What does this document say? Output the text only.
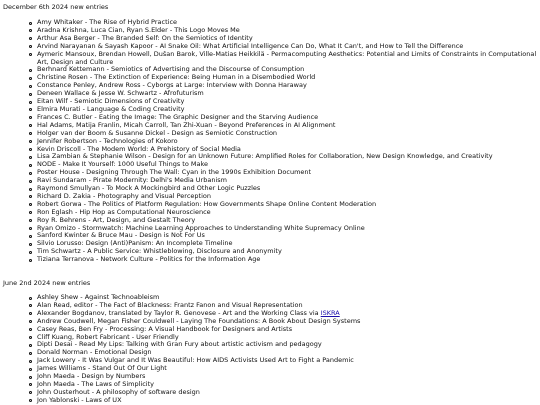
December 6th 2024 new entries
Amy Whitaker - The Rise of Hybrid Practice
Aradna Krishna, Luca Cian, Ryan S.Elder - This Logo Moves Me
Arthur Asa Berger - The Branded Self: On the Semiotics of Identity
Arvind Narayanan & Sayash Kapoor - AI Snake Oil: What Artificial Intelligence Can Do, What It Can't, and How to Tell the Difference
Aymeric Mansoux, Brendan Howell, Dušan Barok, Ville-Matias Heikkilä - Permacomputing Aesthetics: Potential and Limits of Constraints in Computational Art, Design and Culture
Berhnard Kettemann - Semiotics of Advertising and the Discourse of Consumption
Christine Rosen - The Extinction of Experience: Being Human in a Disembodied World
Constance Penley, Andrew Ross - Cyborgs at Large: Interview with Donna Haraway
Deneen Wallace & Jesse W. Schwartz - Afrofuturism
Eitan Wilf - Semiotic Dimensions of Creativity
Elmira Murati - Language & Coding Creativity
Frances C. Butler - Eating the Image: The Graphic Designer and the Starving Audience
Hal Adams, Matija Franlin, Micah Carroll, Tan Zhi-Xuan - Beyond Preferences in AI Alignment
Holger van der Boom & Susanne Dickel - Design as Semiotic Construction
Jennifer Robertson - Technologies of Kokoro
Kevin Driscoll - The Modem World: A Prehistory of Social Media
Lisa Zambian & Stephanie Wilson - Design for an Unknown Future: Amplified Roles for Collaboration, New Design Knowledge, and Creativity
NODE - Make It Yourself: 1000 Useful Things to Make
Poster House - Designing Through The Wall: Cyan in the 1990s Exhibition Document
Ravi Sundaram - Pirate Modernity: Delhi's Media Urbanism
Raymond Smullyan - To Mock A Mockingbird and Other Logic Puzzles
Richard D. Zakia - Photography and Visual Perception
Robert Gorwa - The Politics of Platform Regulation: How Governments Shape Online Content Moderation
Ron Eglash - Hip Hop as Computational Neuroscience
Roy R. Behrens - Art, Design, and Gestalt Theory
Ryan Omizo - Stormwatch: Machine Learning Approaches to Understanding White Supremacy Online
Sanford Kwinter & Bruce Mau - Design is Not For Us
Silvio Lorusso: Design (Anti)Panism: An Incomplete Timeline
Tim Schwartz - A Public Service: Whistleblowing, Disclosure and Anonymity
Tiziana Terranova - Network Culture - Politics for the Information Age
June 2nd 2024 new entries
Ashley Shew - Against Technoableism
Alan Read, editor - The Fact of Blackness: Frantz Fanon and Visual Representation
Alexander Bogdanov, translated by Taylor R. Genovese - Art and the Working Class via ISKRA
Andrew Coudwell, Megan Fisher Couldwell - Laying The Foundations: A Book About Design Systems
Casey Reas, Ben Fry - Processing: A Visual Handbook for Designers and Artists
Cliff Kuang, Robert Fabricant - User Friendly
Dipti Desai - Read My Lips: Talking with Gran Fury about artistic activism and pedagogy
Donald Norman - Emotional Design
Jack Lowery - It Was Vulgar and It Was Beautiful: How AIDS Activists Used Art to Fight a Pandemic
James Williams - Stand Out Of Our Light
John Maeda - Design by Numbers
John Maeda - The Laws of Simplicity
John Ousterhout - A philosophy of software design
Jon Yablonski - Laws of UX
